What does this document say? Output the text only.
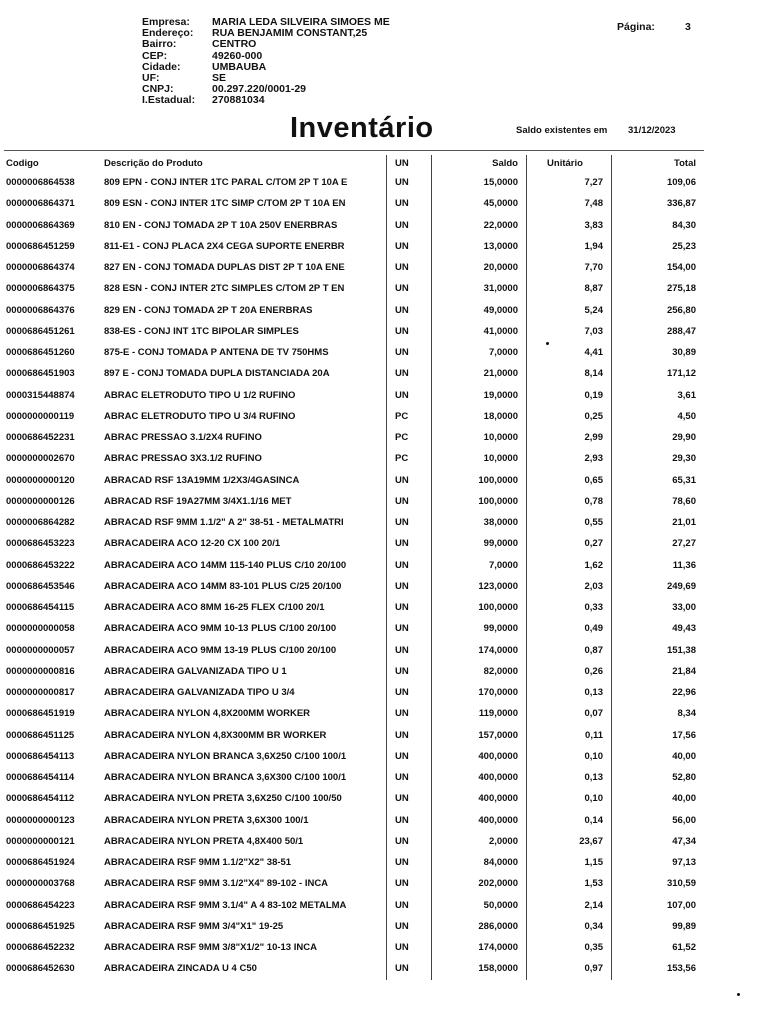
Empresa:	MARIA LEDA SILVEIRA SIMOES ME
Endereço:	RUA BENJAMIM CONSTANT,25
Bairro:	CENTRO
CEP:	49260-000
Cidade:	UMBAUBA
UF:	SE
CNPJ:	00.297.220/0001-29
I.Estadual:	270881034
Página:	3
Inventário	Saldo existentes em 31/12/2023
Codigo	Descrição do Produto	UN	Saldo	Unitário	Total
0000006864538	809 EPN - CONJ INTER 1TC PARAL C/TOM 2P T 10A E	UN	15,0000	7,27	109,06
0000006864371	809 ESN - CONJ INTER 1TC SIMP C/TOM 2P T 10A EN	UN	45,0000	7,48	336,87
0000006864369	810 EN - CONJ TOMADA 2P T 10A 250V ENERBRAS	UN	22,0000	3,83	84,30
0000686451259	811-E1 - CONJ PLACA 2X4 CEGA SUPORTE ENERBR	UN	13,0000	1,94	25,23
0000006864374	827 EN - CONJ TOMADA DUPLAS DIST 2P T 10A ENE	UN	20,0000	7,70	154,00
0000006864375	828 ESN - CONJ INTER 2TC SIMPLES C/TOM 2P T EN	UN	31,0000	8,87	275,18
0000006864376	829 EN - CONJ TOMADA 2P T 20A ENERBRAS	UN	49,0000	5,24	256,80
0000686451261	838-ES - CONJ INT 1TC BIPOLAR SIMPLES	UN	41,0000	7,03	288,47
0000686451260	875-E - CONJ TOMADA P ANTENA DE TV 750HMS	UN	7,0000	4,41	30,89
0000686451903	897 E - CONJ TOMADA DUPLA DISTANCIADA 20A	UN	21,0000	8,14	171,12
0000315448874	ABRAC ELETRODUTO TIPO U 1/2 RUFINO	UN	19,0000	0,19	3,61
0000000000119	ABRAC ELETRODUTO TIPO U 3/4 RUFINO	PC	18,0000	0,25	4,50
0000686452231	ABRAC PRESSAO 3.1/2X4 RUFINO	PC	10,0000	2,99	29,90
0000000002670	ABRAC PRESSAO 3X3.1/2 RUFINO	PC	10,0000	2,93	29,30
0000000000120	ABRACAD RSF 13A19MM 1/2X3/4GASINCA	UN	100,0000	0,65	65,31
0000000000126	ABRACAD RSF 19A27MM 3/4X1.1/16 MET	UN	100,0000	0,78	78,60
0000006864282	ABRACAD RSF 9MM 1.1/2" A 2" 38-51 - METALMATRI	UN	38,0000	0,55	21,01
0000686453223	ABRACADEIRA ACO 12-20 CX 100 20/1	UN	99,0000	0,27	27,27
0000686453222	ABRACADEIRA ACO 14MM 115-140 PLUS C/10 20/100	UN	7,0000	1,62	11,36
0000686453546	ABRACADEIRA ACO 14MM 83-101 PLUS C/25 20/100	UN	123,0000	2,03	249,69
0000686454115	ABRACADEIRA ACO 8MM 16-25 FLEX C/100 20/1	UN	100,0000	0,33	33,00
0000000000058	ABRACADEIRA ACO 9MM 10-13 PLUS C/100 20/100	UN	99,0000	0,49	49,43
0000000000057	ABRACADEIRA ACO 9MM 13-19 PLUS C/100 20/100	UN	174,0000	0,87	151,38
0000000000816	ABRACADEIRA GALVANIZADA TIPO U 1	UN	82,0000	0,26	21,84
0000000000817	ABRACADEIRA GALVANIZADA TIPO U 3/4	UN	170,0000	0,13	22,96
0000686451919	ABRACADEIRA NYLON 4,8X200MM WORKER	UN	119,0000	0,07	8,34
0000686451125	ABRACADEIRA NYLON 4,8X300MM BR WORKER	UN	157,0000	0,11	17,56
0000686454113	ABRACADEIRA NYLON BRANCA 3,6X250 C/100 100/1	UN	400,0000	0,10	40,00
0000686454114	ABRACADEIRA NYLON BRANCA 3,6X300 C/100 100/1	UN	400,0000	0,13	52,80
0000686454112	ABRACADEIRA NYLON PRETA 3,6X250 C/100 100/50	UN	400,0000	0,10	40,00
0000000000123	ABRACADEIRA NYLON PRETA 3,6X300 100/1	UN	400,0000	0,14	56,00
0000000000121	ABRACADEIRA NYLON PRETA 4,8X400 50/1	UN	2,0000	23,67	47,34
0000686451924	ABRACADEIRA RSF 9MM 1.1/2"X2" 38-51	UN	84,0000	1,15	97,13
0000000003768	ABRACADEIRA RSF 9MM 3.1/2"X4" 89-102 - INCA	UN	202,0000	1,53	310,59
0000686454223	ABRACADEIRA RSF 9MM 3.1/4" A 4 83-102 METALMA	UN	50,0000	2,14	107,00
0000686451925	ABRACADEIRA RSF 9MM 3/4"X1" 19-25	UN	286,0000	0,34	99,89
0000686452232	ABRACADEIRA RSF 9MM 3/8"X1/2" 10-13 INCA	UN	174,0000	0,35	61,52
0000686452630	ABRACADEIRA ZINCADA U 4 C50	UN	158,0000	0,97	153,56
